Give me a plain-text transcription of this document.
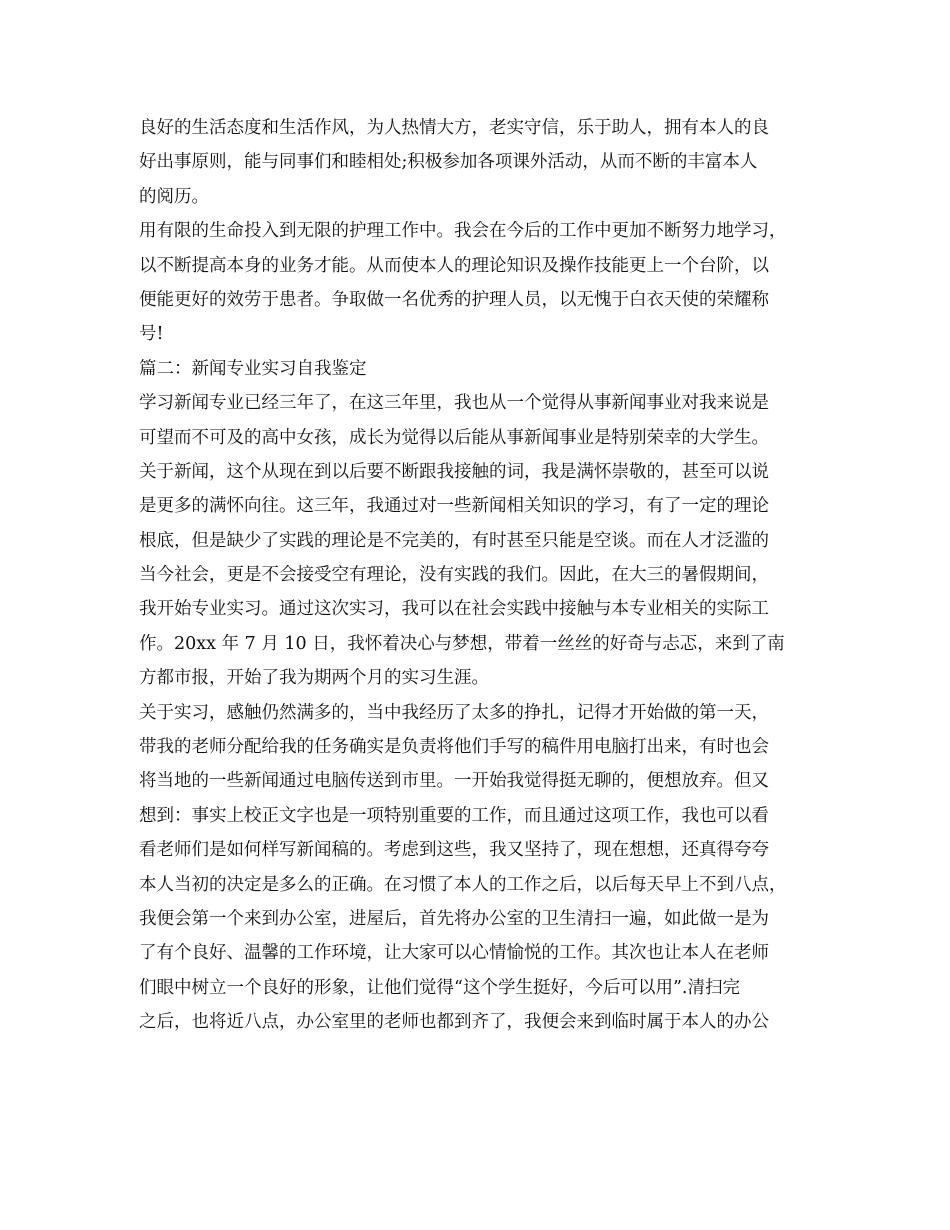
良好的生活态度和生活作风，为人热情大方，老实守信，乐于助人，拥有本人的良
好出事原则，能与同事们和睦相处;积极参加各项课外活动，从而不断的丰富本人
的阅历。
用有限的生命投入到无限的护理工作中。我会在今后的工作中更加不断努力地学习，
以不断提高本身的业务才能。从而使本人的理论知识及操作技能更上一个台阶，以
便能更好的效劳于患者。争取做一名优秀的护理人员，以无愧于白衣天使的荣耀称
号!
篇二：新闻专业实习自我鉴定
学习新闻专业已经三年了，在这三年里，我也从一个觉得从事新闻事业对我来说是
可望而不可及的高中女孩，成长为觉得以后能从事新闻事业是特别荣幸的大学生。
关于新闻，这个从现在到以后要不断跟我接触的词，我是满怀崇敬的，甚至可以说
是更多的满怀向往。这三年，我通过对一些新闻相关知识的学习，有了一定的理论
根底，但是缺少了实践的理论是不完美的，有时甚至只能是空谈。而在人才泛滥的
当今社会，更是不会接受空有理论，没有实践的我们。因此，在大三的暑假期间，
我开始专业实习。通过这次实习，我可以在社会实践中接触与本专业相关的实际工
作。20xx 年 7 月 10 日，我怀着决心与梦想，带着一丝丝的好奇与忐忑，来到了南
方都市报，开始了我为期两个月的实习生涯。
关于实习，感触仍然满多的，当中我经历了太多的挣扎，记得才开始做的第一天，
带我的老师分配给我的任务确实是负责将他们手写的稿件用电脑打出来，有时也会
将当地的一些新闻通过电脑传送到市里。一开始我觉得挺无聊的，便想放弃。但又
想到：事实上校正文字也是一项特别重要的工作，而且通过这项工作，我也可以看
看老师们是如何样写新闻稿的。考虑到这些，我又坚持了，现在想想，还真得夸夸
本人当初的决定是多么的正确。在习惯了本人的工作之后，以后每天早上不到八点，
我便会第一个来到办公室，进屋后，首先将办公室的卫生清扫一遍，如此做一是为
了有个良好、温馨的工作环境，让大家可以心情愉悦的工作。其次也让本人在老师
们眼中树立一个良好的形象，让他们觉得“这个学生挺好，今后可以用”.清扫完
之后，也将近八点，办公室里的老师也都到齐了，我便会来到临时属于本人的办公
